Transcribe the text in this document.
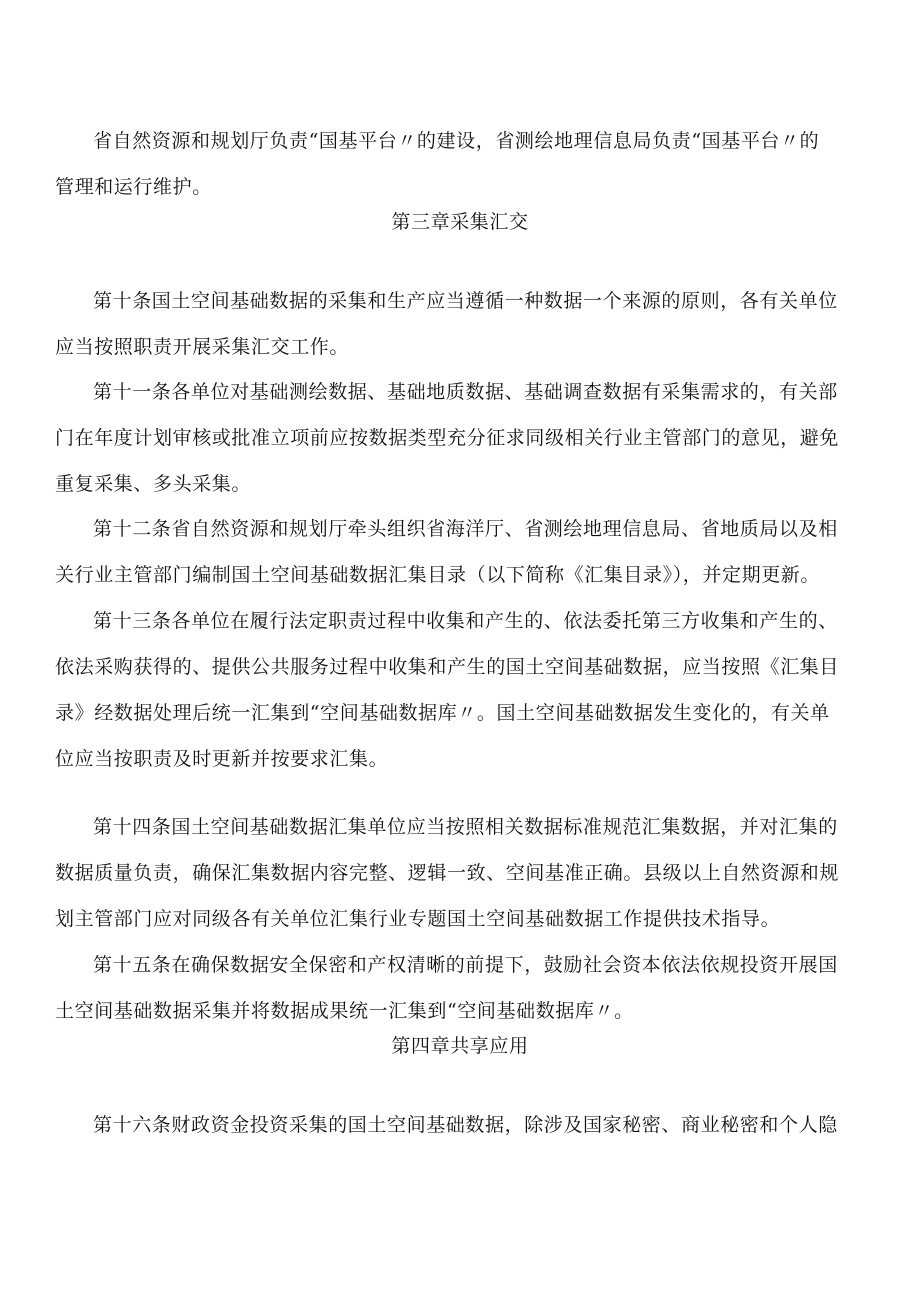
省自然资源和规划厅负责“国基平台〃的建设，省测绘地理信息局负责“国基平台〃的
管理和运行维护。
第三章采集汇交
第十条国土空间基础数据的采集和生产应当遵循一种数据一个来源的原则，各有关单位
应当按照职责开展采集汇交工作。
第十一条各单位对基础测绘数据、基础地质数据、基础调查数据有采集需求的，有关部
门在年度计划审核或批准立项前应按数据类型充分征求同级相关行业主管部门的意见，避免
重复采集、多头采集。
第十二条省自然资源和规划厅牵头组织省海洋厅、省测绘地理信息局、省地质局以及相
关行业主管部门编制国土空间基础数据汇集目录（以下简称《汇集目录》），并定期更新。
第十三条各单位在履行法定职责过程中收集和产生的、依法委托第三方收集和产生的、
依法采购获得的、提供公共服务过程中收集和产生的国土空间基础数据，应当按照《汇集目
录》经数据处理后统一汇集到“空间基础数据库〃。国土空间基础数据发生变化的，有关单
位应当按职责及时更新并按要求汇集。
第十四条国土空间基础数据汇集单位应当按照相关数据标准规范汇集数据，并对汇集的
数据质量负责，确保汇集数据内容完整、逻辑一致、空间基准正确。县级以上自然资源和规
划主管部门应对同级各有关单位汇集行业专题国土空间基础数据工作提供技术指导。
第十五条在确保数据安全保密和产权清晰的前提下，鼓励社会资本依法依规投资开展国
土空间基础数据采集并将数据成果统一汇集到“空间基础数据库〃。
第四章共享应用
第十六条财政资金投资采集的国土空间基础数据，除涉及国家秘密、商业秘密和个人隐
